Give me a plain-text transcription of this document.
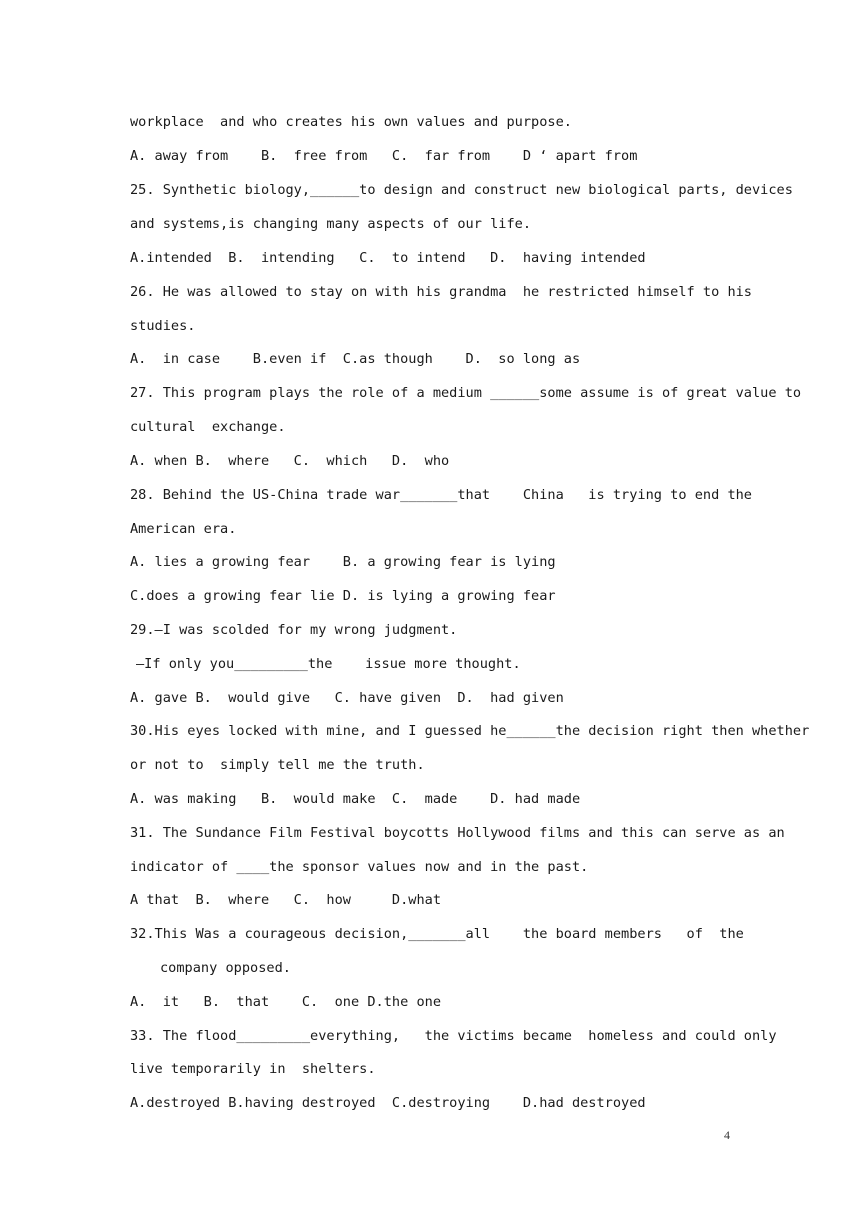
workplace  and who creates his own values and purpose.
A. away from    B.  free from   C.  far from    D ‘ apart from
25. Synthetic biology,______to design and construct new biological parts, devices
and systems,is changing many aspects of our life.
A.intended  B.  intending   C.  to intend   D.  having intended
26. He was allowed to stay on with his grandma  he restricted himself to his
studies.
A.  in case    B.even if  C.as though    D.  so long as
27. This program plays the role of a medium ______some assume is of great value to
cultural  exchange.
A. when B.  where   C.  which   D.  who
28. Behind the US-China trade war_______that    China   is trying to end the
American era.
A. lies a growing fear    B. a growing fear is lying
C.does a growing fear lie D. is lying a growing fear
29.—I was scolded for my wrong judgment.
—If only you_________the    issue more thought.
A. gave B.  would give   C. have given  D.  had given
30.His eyes locked with mine, and I guessed he______the decision right then whether
or not to  simply tell me the truth.
A. was making   B.  would make  C.  made    D. had made
31. The Sundance Film Festival boycotts Hollywood films and this can serve as an
indicator of ____the sponsor values now and in the past.
A that  B.  where   C.  how     D.what
32.This Was a courageous decision,_______all    the board members   of  the
company opposed.
A.  it   B.  that    C.  one D.the one
33. The flood_________everything,   the victims became  homeless and could only
live temporarily in  shelters.
A.destroyed B.having destroyed  C.destroying    D.had destroyed
4
